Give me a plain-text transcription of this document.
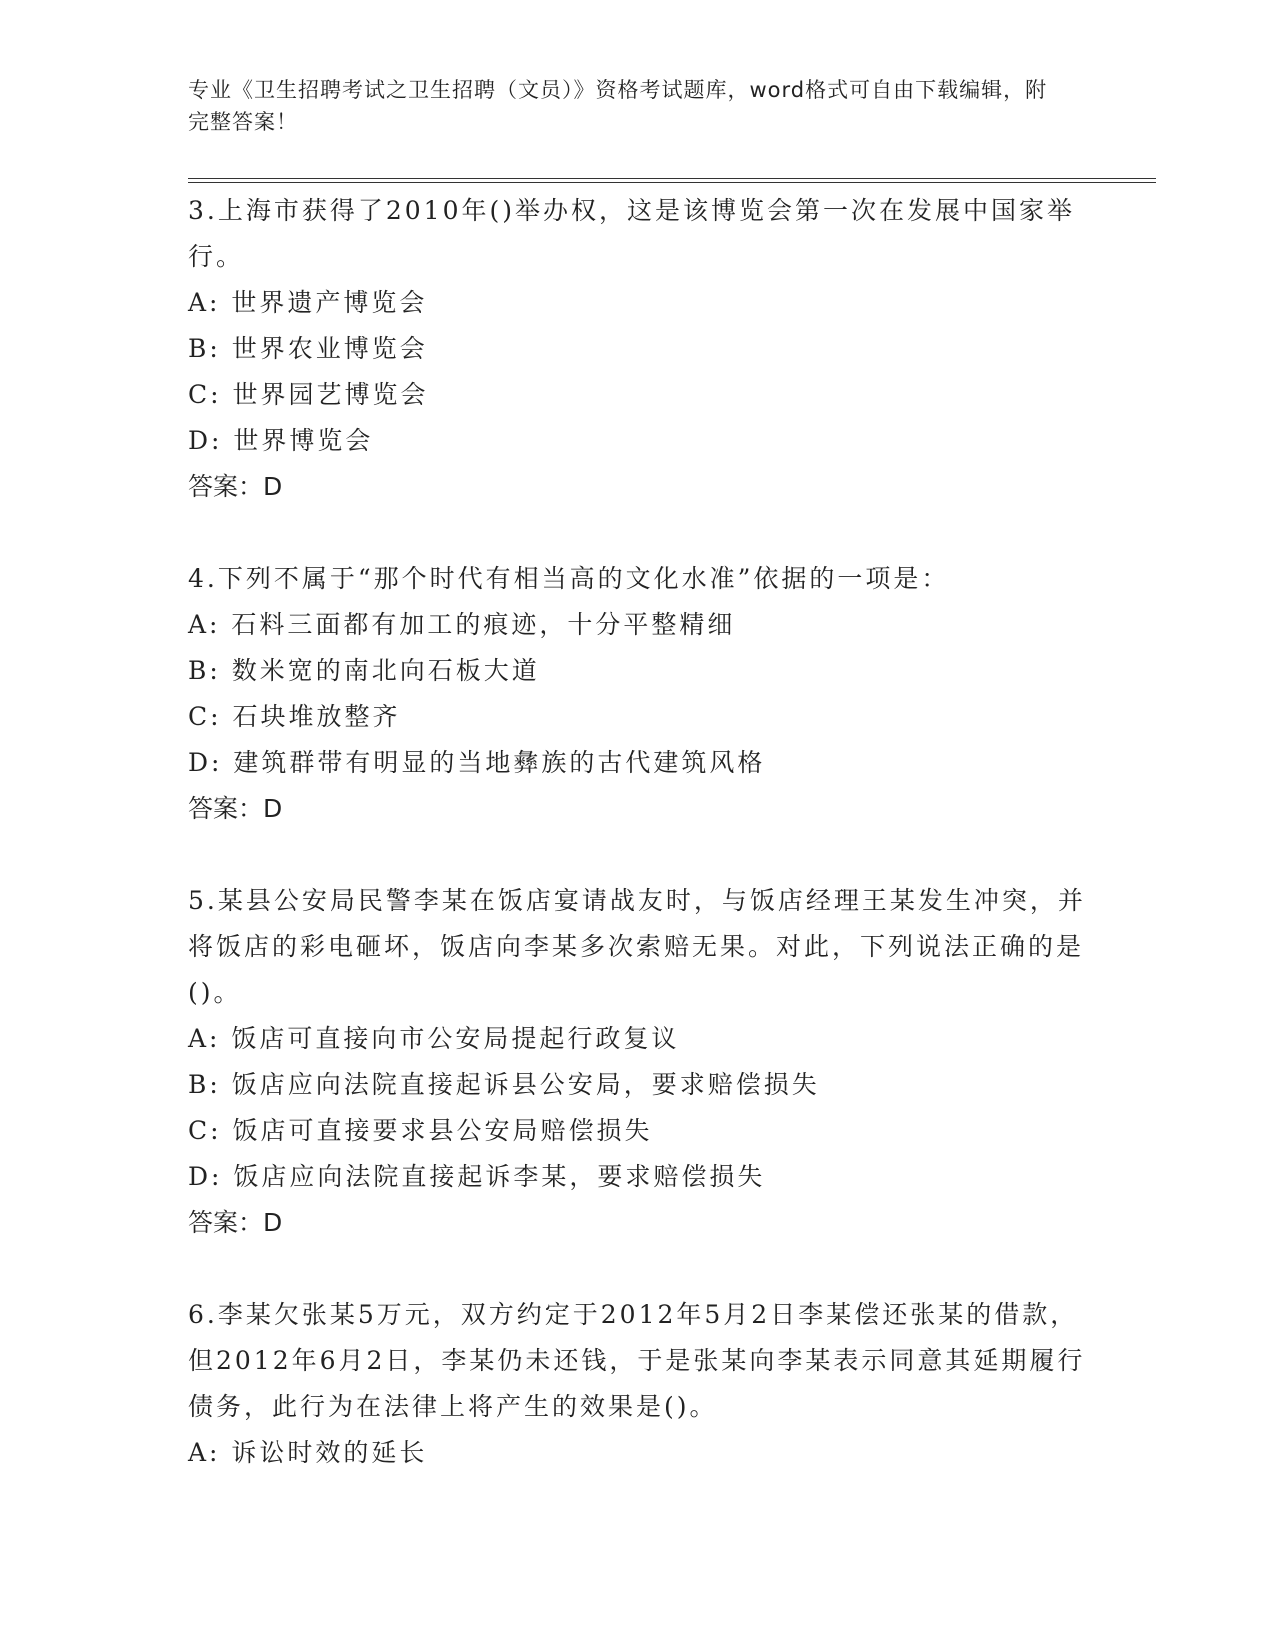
专业《卫生招聘考试之卫生招聘（文员）》资格考试题库，word格式可自由下载编辑，附完整答案！

3.上海市获得了2010年()举办权，这是该博览会第一次在发展中国家举行。

A: 世界遗产博览会

B: 世界农业博览会

C: 世界园艺博览会

D: 世界博览会

答案：D

4.下列不属于“那个时代有相当高的文化水准”依据的一项是：

A: 石料三面都有加工的痕迹，十分平整精细

B: 数米宽的南北向石板大道

C: 石块堆放整齐

D: 建筑群带有明显的当地彝族的古代建筑风格

答案：D

5.某县公安局民警李某在饭店宴请战友时，与饭店经理王某发生冲突，并将饭店的彩电砸坏，饭店向李某多次索赔无果。对此，下列说法正确的是()。

A: 饭店可直接向市公安局提起行政复议

B: 饭店应向法院直接起诉县公安局，要求赔偿损失

C: 饭店可直接要求县公安局赔偿损失

D: 饭店应向法院直接起诉李某，要求赔偿损失

答案：D

6.李某欠张某5万元，双方约定于2012年5月2日李某偿还张某的借款，但2012年6月2日，李某仍未还钱，于是张某向李某表示同意其延期履行债务，此行为在法律上将产生的效果是()。

A: 诉讼时效的延长
